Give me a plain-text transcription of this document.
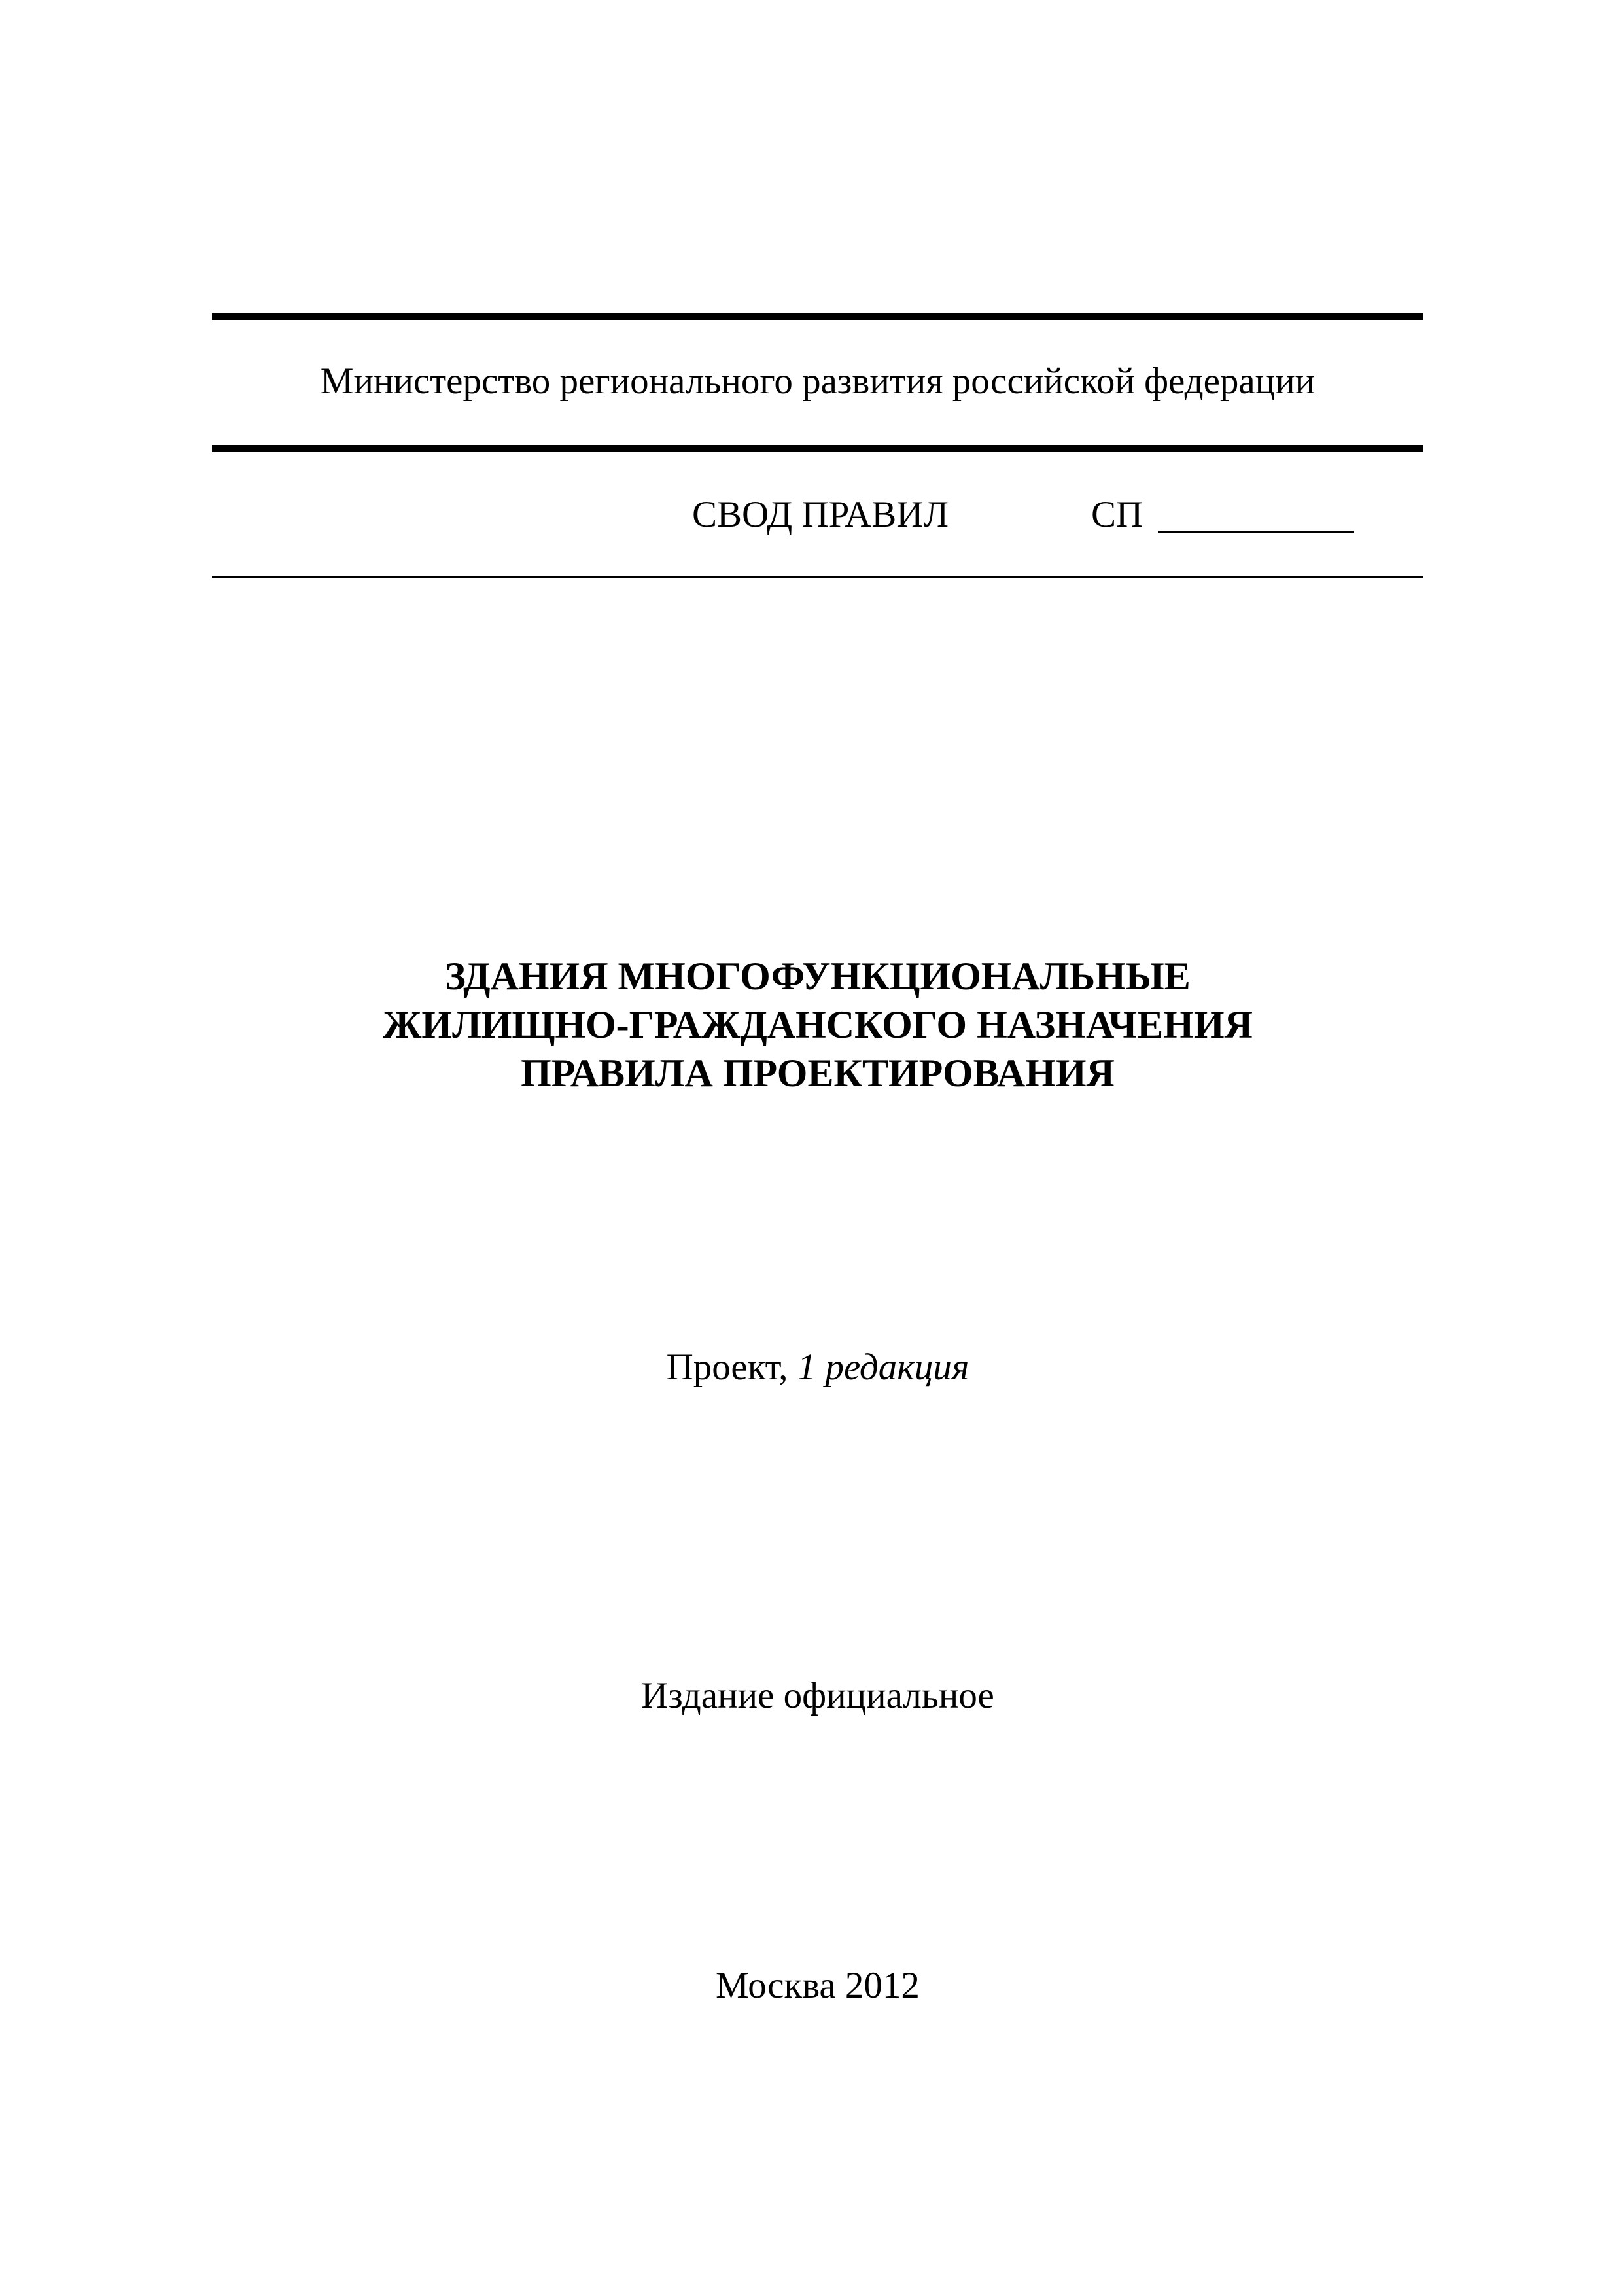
Министерство регионального развития российской федерации
СВОД ПРАВИЛ	СП
ЗДАНИЯ МНОГОФУНКЦИОНАЛЬНЫЕ
ЖИЛИЩНО-ГРАЖДАНСКОГО НАЗНАЧЕНИЯ
ПРАВИЛА ПРОЕКТИРОВАНИЯ
Проект, 1 редакция
Издание официальное
Москва 2012
